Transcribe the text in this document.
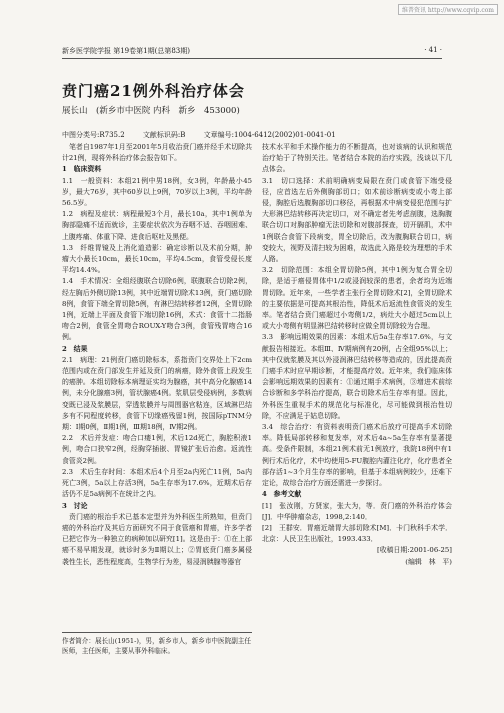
维普资讯 http://www.cqvip.com
新乡医学院学报 第19卷第1期(总第83期)	· 41 ·
贲门癌21例外科治疗体会
展长山　(新乡市中医院 内科　新乡　453000)
中图分类号:R735.2	文献标识码:B	文章编号:1004-6412(2002)01-0041-01

　笔者自1987年1月至2001年5月收治贲门癌并经手术切除共计21例，现将外科治疗体会报告如下。

1　临床资料

1.1　一般资料：本组21例中男18例，女3例，年龄最小45岁，最大76岁，其中60岁以上9例，70岁以上3例，平均年龄56.5岁。

1.2　病程及症状：病程最短3个月，最长10a，其中1例单为胸部隐痛不适而就诊，主要症状依次为吞咽不适、吞咽困难、上腹疼痛、体重下降、进食后呕吐及黑便。

1.3　纤维胃镜及上消化道造影：确定诊断以及术前分期，肿瘤大小最长10cm，最长10cm，平均4.5cm，食管受侵长度平均14.4%。

1.4　手术情况：全组经腹联合切除6例，联腹联合切除2例，经左胸后外侧切除13例，其中近端胃切除术13例，贲门癌切除8例，食管下端全胃切除5例，有淋巴结转移者12例，全胃切除1例，近端上平面及食管下端切除16例，术式：食管十二指肠吻合2例，食管全胃吻合ROUX-Y吻合3例，食管残胃吻合16例。

2　结果

2.1　病理：21例贲门癌切除标本，系指贲门交界处上下2cm范围内或在贲门部发生并延及贲门的病癌，除外食管上段发生的癌肿。本组切除标本病理证实均为腺癌，其中高分化腺癌14例，未分化腺癌3例，管状腺癌4例。浆肌层受侵病例，多数病变既已浸及浆膜层，穿透浆膜并与周围器官粘连，区域淋巴结多有不同程度转移，食管下切缘癌残留1例，按国际pTNM分期：Ⅰ期0例，Ⅱ期1例，Ⅲ期18例，Ⅳ期2例。

2.2　术后并发症：吻合口瘘1例，术后12d死亡，胸腔积液1例，吻合口狭窄2例，经胸穿插嵌、胃镜扩张后治愈。返流性食管炎2例。

2.3　术后生存时间：本组术后4个月至2a内死亡11例，5a内死亡3例，5a以上存活3例，5a生存率为17.6%，近期术后存活仍不足5a病例不在统计之内。

3　讨论

　贲门癌的根治手术已基本定型并为外科医生所熟知，但贲门癌的外科治疗及其后方面研究不同于食管癌和胃癌，许多学者已把它作为一种独立的病种加以研究[1]。这是由于：①在上部癌不易早期发现，就诊时多为Ⅱ期以上；②胃底贲门癌多属侵袭性生长，恶性程度高，生物学行为差，易浸润胰腺等器官

技术水平和手术操作能力的不断提高，也对该病的认识和规范治疗始于了特别关注。笔者结合本院的治疗实践，浅谈以下几点体会。

3.1　切口选择：术前明确病变局限在贲门或食管下端受侵径，应首选左后外侧胸部切口；如术前诊断病变或小弯上部侵，胸腔后选腹胸部切口移径，再根据术中病变侵犯范围与扩大形淋巴结转移再决定切口，对不确定者先考虑剖腹，选胸腹联合切口对胸部肿瘤无法切除和对腹部探查，切开膈肌，术中1例联合食管下段病变，胃全切除后，改为腹胸联合切口，病变较大，视野及清扫较为困难，故选此入路是较为理想的手术人路。

3.2　切除范围：本组全胃切除5例，其中1例为复合胃全切除，是适于癌侵胃体中1/2或浸润较深的患者，余者均为近端胃切除。近年来，一些学者主张行全胃切除术[2]，全胃切除术的主要依据是可提高其根治性，降低术后返流性食管炎的发生率。笔者结合贲门癌超过小弯侧1/2，病灶大小超过5cm以上或大小弯侧有明显淋巴结转移时应做全胃切除较为合理。

3.3　影响远期效果的因素：本组术后5a生存率17.6%，与文献报告相接近。本组Ⅲ、Ⅳ期病例有20例，占全组95%以上；其中仅就浆膜及其以外浸润淋巴结转移等造成的，因此提高贲门癌手术时应早期诊断，才能提高疗效。近年来，我们临床体会影响远期效果的因素有：①通过期手术病例，③增进术前综合诊断和多学科治疗提高，联合切除术后生存率有望。因此，外科医生重视手术的规范化与标准化，尽可能做到根治性切除，不应满足于姑息切除。

3.4　综合治疗：有资料表明贲门癌术后放疗可提高手术切除率。降低局部转移和复发率，对术后4a~5a生存率有显著提高。受条件限制，本组21例术前无1例放疗，我院18例中有1例行术后化疗，术中均使用5-FU腹腔内灌注化疗，化疗患者全部存活1~3个月生存率的影响，但基于本组病例较少，还难下定论，故综合治疗方面还需进一步探讨。

4　参考文献

[1]　张汝刚，方贤家，张大为，等．贲门癌的外科治疗体会[J]．中华肿瘤杂志，1998,2:140．

[2]　王群安．胃癌近端胃大部切除术[M]．卡门秋科手术学．北京：人民卫生出版社，1993.433．

[收稿日期:2001-06-25]

(编辑　林　平)

作者简介：展长山(1951-)，男，新乡市人，新乡市中医院副主任医师，主任医师，主要从事外科临床。
